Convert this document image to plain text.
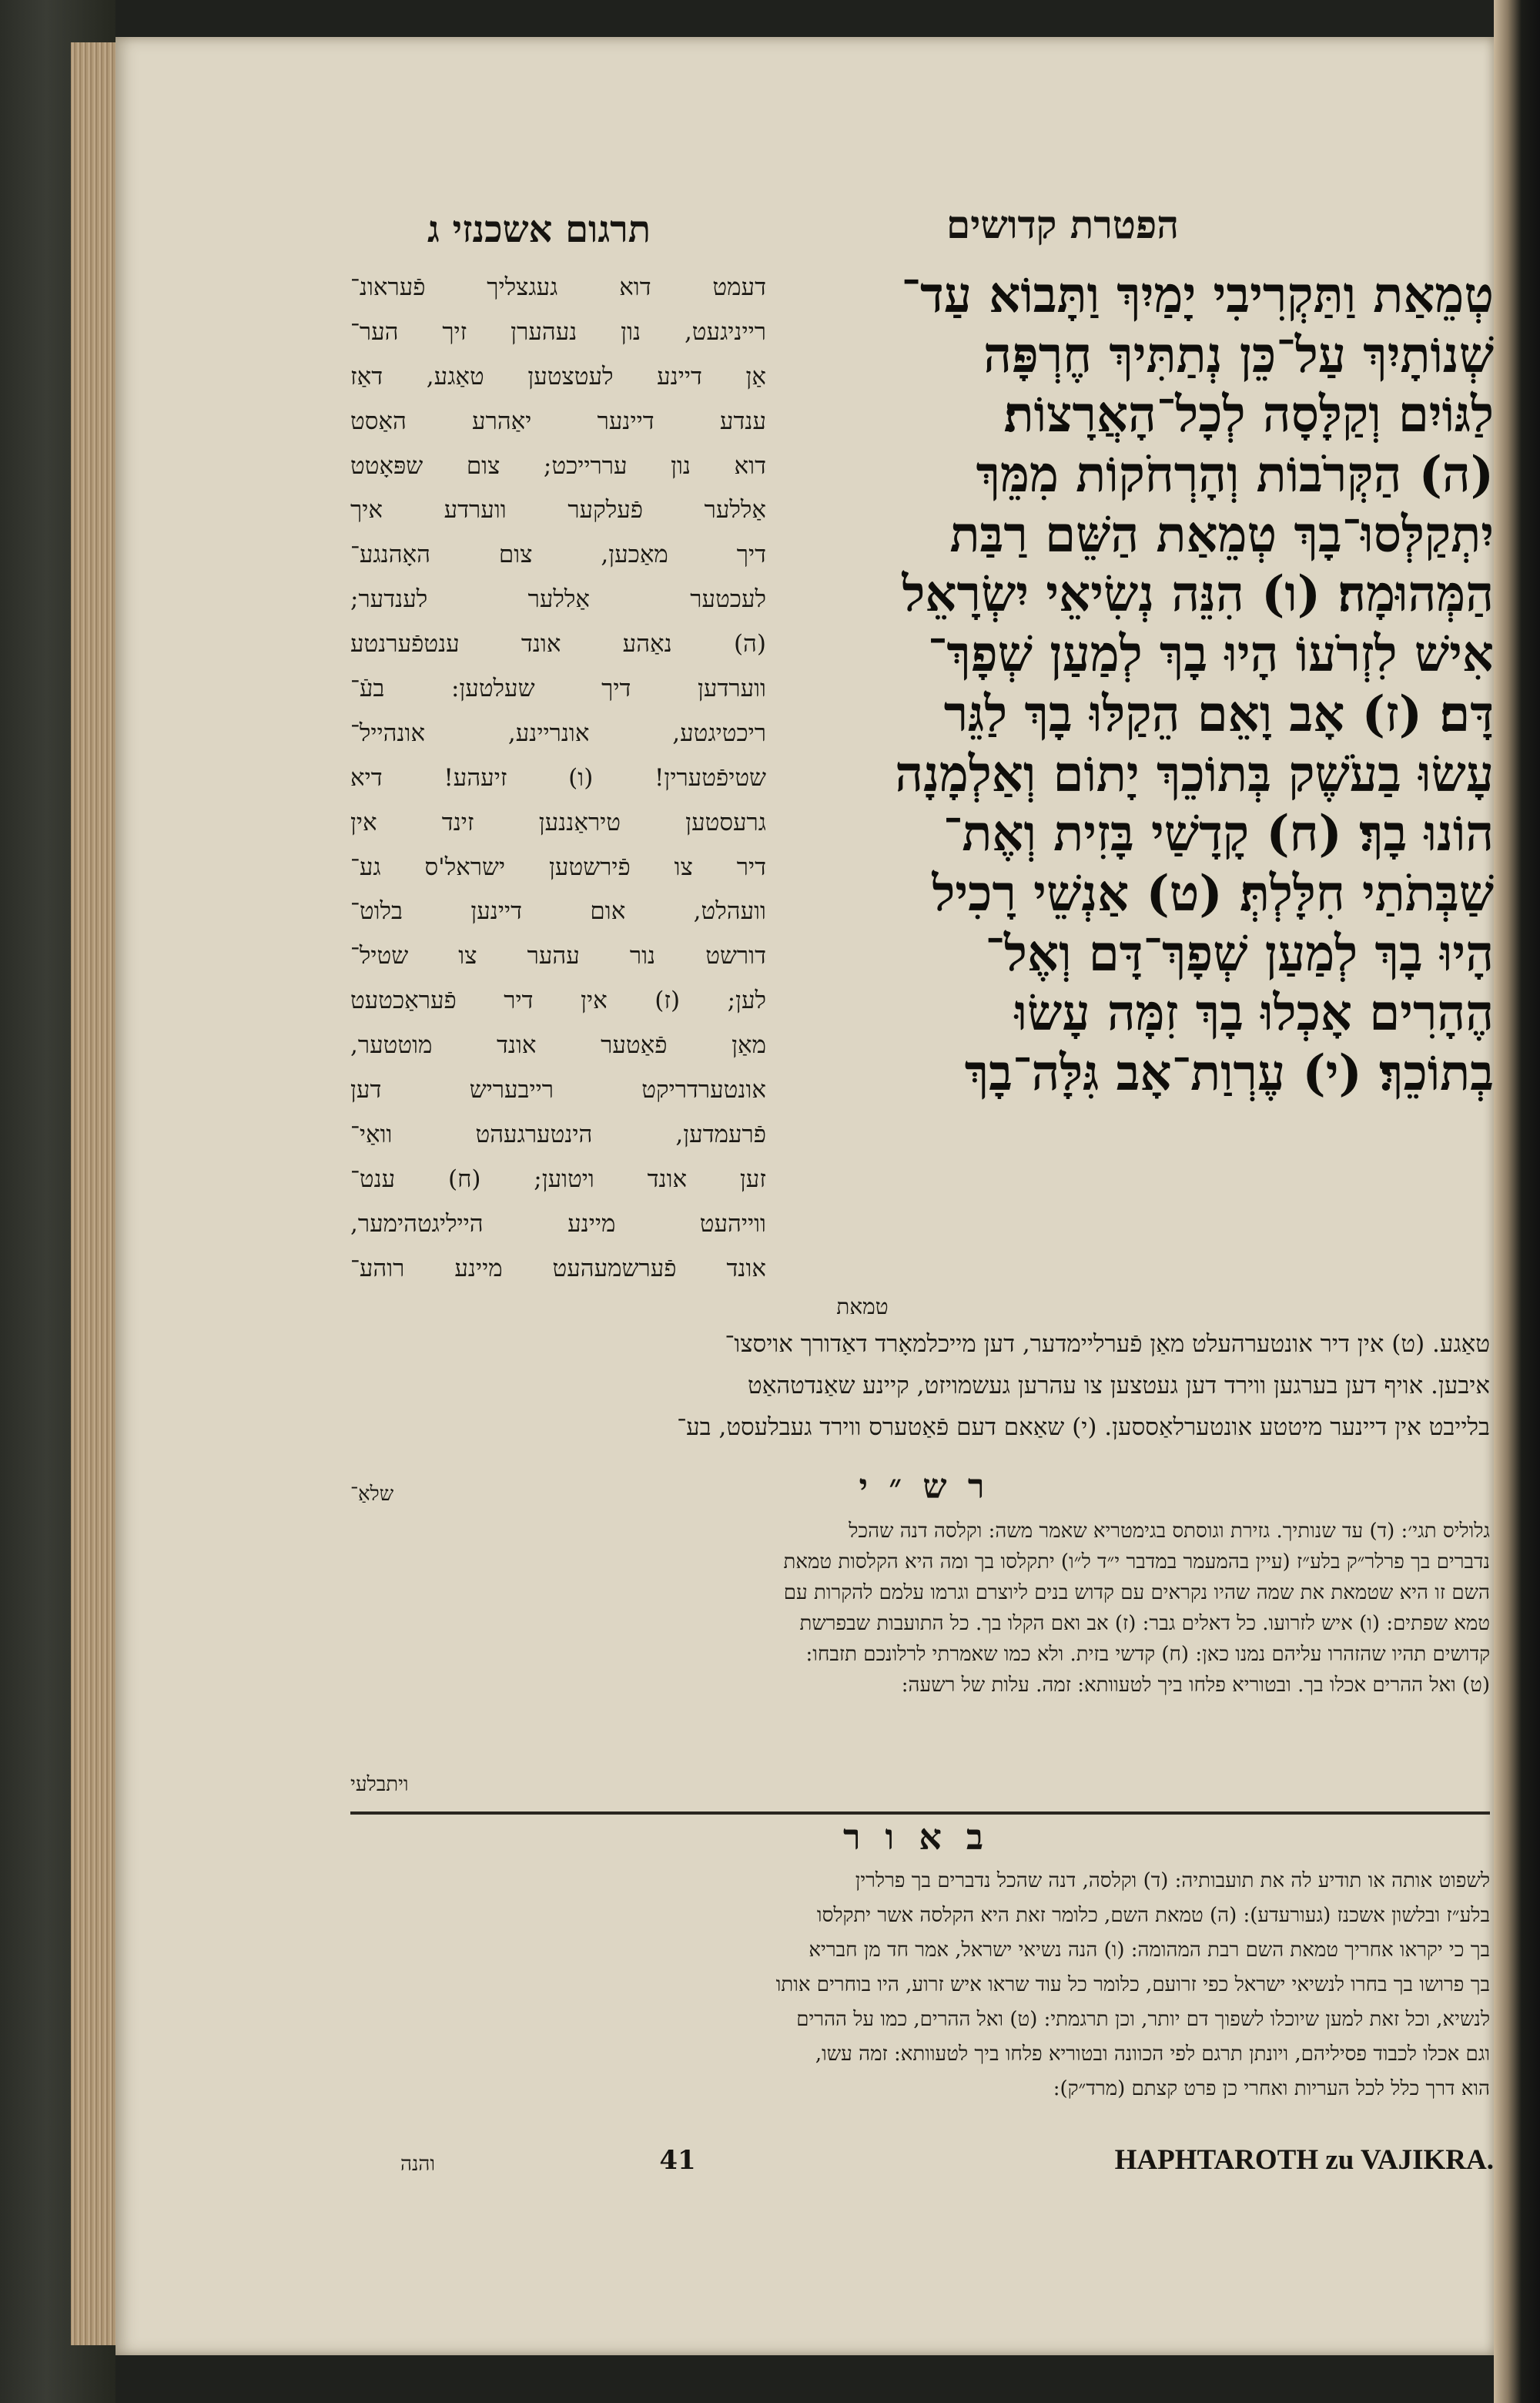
הפטרת קדושים
תרגום אשכנזי ג
טְמֵאַת וַתַּקְרִיבִי יָמַיִךְ וַתָּבוֹא עַד־
שְׁנוֹתָיִךְ עַל־כֵּן נְתַתִּיךְ חֶרְפָּה
לַגּוֹיִם וְקַלָּסָה לְכָל־הָאֲרָצוֹת׃
(ה) הַקְּרֹבוֹת וְהָרְחֹקוֹת מִמֵּךְ
יִתְקַלְּסוּ־בָךְ טְמֵאַת הַשֵּׁם רַבַּת
הַמְּהוּמָה׃ (ו) הִנֵּה נְשִׂיאֵי יִשְׂרָאֵל
אִישׁ לִזְרֹעוֹ הָיוּ בָךְ לְמַעַן שְׁפָךְ־
דָּם׃ (ז) אָב וָאֵם הֵקַלּוּ בָךְ לַגֵּר
עָשׂוּ בַעֹשֶׁק בְּתוֹכֵךְ יָתוֹם וְאַלְמָנָה
הוֹנוּ בָךְ׃ (ח) קָדָשַׁי בָּזִית וְאֶת־
שַׁבְּתֹתַי חִלָּלְתְּ׃ (ט) אַנְשֵׁי רָכִיל
הָיוּ בָךְ לְמַעַן שְׁפָךְ־דָּם וְאֶל־
הֶהָרִים אָכְלוּ בָךְ זִמָּה עָשׂוּ
בְתוֹכֵךְ׃ (י) עֶרְוַת־אָב גִּלָּה־בָךְ
דעמט דוא געגצליך פֿעראונ־
רייניגעט, נון נעהערן זיך הער־
אַן דיינע לעטצטען טאַגע, דאַז
ענדע דיינער יאַהרע האַסט
דוא נון עררייכט; צום שפּאָטט
אַללער פֿעלקער ווערדע איך
דיך מאַכען, צום האָהנגע־
לעכטער אַללער לענדער;
(ה) נאַהע אונד ענטפֿערנטע
ווערדען דיך שעלטען: בעֿ־
ריכטיגטע, אונריינע, אונהייל־
שטיפֿטערין! (ו) זיעהע! דיא
גרעסטען טיראַננען זינד אין
דיר צו פֿירשטען ישראל'ס גע־
וועהלט, אום דיינען בלוט־
דורשט נור עהער צו שטיל־
לען; (ז) אין דיר פֿעראַכטעט
מאַן פֿאַטער אונד מוטטער,
אונטערדריקט רייבעריש דען
פֿרעמדען, הינטערגעהט וואַי־
זען אונד ויטוען; (ח) ענט־
ווייהעט מיינע הייליגטהימער,
אונד פֿערשמעהעט מיינע רוהע־
טמאת
טאַגע. (ט) אין דיר אונטערהעלט מאַן פֿערליימדער, דען מייכלמאָרד דאַדורך אויסצו־
איבען. אויף דען בערגען ווירד דען געטצען צו עהרען געשמויזט, קיינע שאַנדטהאַט
בלייבט אין דיינער מיטטע אונטערלאַססען. (י) שאַאם דעם פֿאַטערס ווירד געבלעסט, בע־
ר ש ״ י
שלאַ־
גלוליס תגי׳: (ד) עד שנותיך. גזירת וגוסתס בגימטריא שאמר משה: וקלסה דנה שהכל
נדברים בך פרלר״ק בלע״ז (עיין בהמעמר במדבר י״ד ל״ו) יתקלסו בך ומה היא הקלסות טמאת
השם זו היא שטמאת את שמה שהיו נקראים עם קדוש בנים ליוצרם וגרמו עלמם להקרות עם
טמא שפתים: (ו) איש לזרועו. כל דאלים גבר: (ז) אב ואם הקלו בך. כל התועבות שבפרשת
קדושים תהיו שהזהרו עליהם נמנו כאן: (ח) קדשי בזית. ולא כמו שאמרתי לרלונכם תזבחו:
(ט) ואל ההרים אכלו בך. ובטוריא פלחו ביך לטעוותא: זמה. עלות של רשעה:
ויתבלעי
ב א ו ר
לשפוט אותה או תודיע לה את תועבותיה: (ד) וקלסה, דנה שהכל נדברים בך פרלרין
בלע״ז ובלשון אשכנז (געורעדע): (ה) טמאת השם, כלומר זאת היא הקלסה אשר יתקלסו
בך כי יקראו אחריך טמאת השם רבת המהומה: (ו) הנה נשיאי ישראל, אמר חד מן חבריא
בך פרושו בך בחרו לנשיאי ישראל כפי זרועם, כלומר כל עוד שראו איש זרוע, היו בוחרים אותו
לנשיא, וכל זאת למען שיוכלו לשפוך דם יותר, וכן תרגמתי: (ט) ואל ההרים, כמו על ההרים
וגם אכלו לכבוד פסיליהם, ויונתן תרגם לפי הכוונה ובטוריא פלחו ביך לטעוותא: זמה עשו,
הוא דרך כלל לכל העריות ואחרי כן פרט קצתם (מרד״ק):
והנה	41	HAPHTAROTH zu VAJIKRA.
